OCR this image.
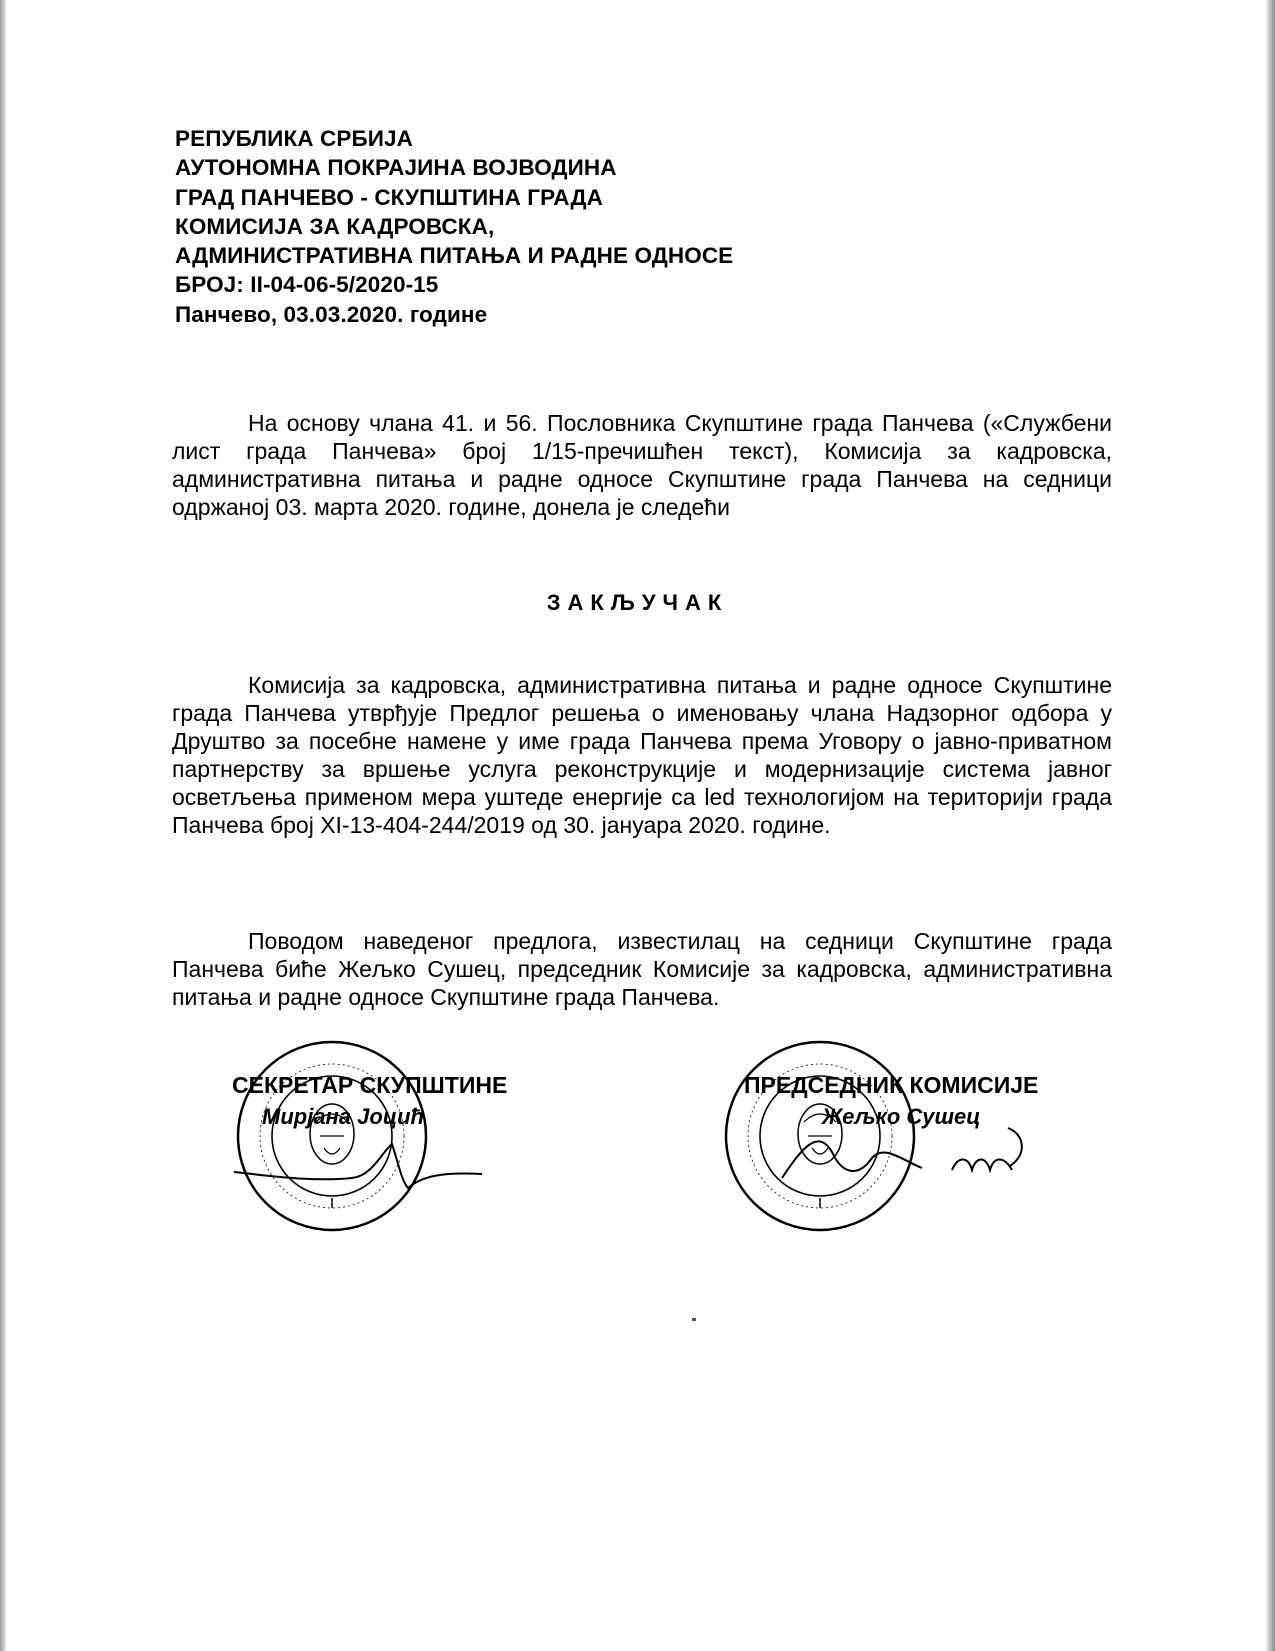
РЕПУБЛИКА СРБИЈА
АУТОНОМНА ПОКРАЈИНА ВОЈВОДИНА
ГРАД ПАНЧЕВО - СКУПШТИНА ГРАДА
КОМИСИЈА ЗА КАДРОВСКА,
АДМИНИСТРАТИВНА ПИТАЊА И РАДНЕ ОДНОСЕ
БРОЈ: II-04-06-5/2020-15
Панчево, 03.03.2020. године

На основу члана 41. и 56. Пословника Скупштине града Панчева («Службени лист града Панчева» број 1/15-пречишћен текст), Комисија за кадровска, административна питања и радне односе Скупштине града Панчева на седници одржаној 03. марта 2020. године, донела је следећи

ЗАКЉУЧАК

Комисија за кадровска, административна питања и радне односе Скупштине града Панчева утврђује Предлог решења о именовању члана Надзорног одбора у Друштво за посебне намене у име града Панчева према Уговору о јавно-приватном партнерству за вршење услуга реконструкције и модернизације система јавног осветљења применом мера уштеде енергије са led технологијом на територији града Панчева број XI-13-404-244/2019 од 30. јануара 2020. године.

Поводом наведеног предлога, известилац на седници Скупштине града Панчева биће Жељко Сушец, председник Комисије за кадровска, административна питања и радне односе Скупштине града Панчева.

СЕКРЕТАР СКУПШТИНЕ
Мирјана Јоцић
ПРЕДСЕДНИК КОМИСИЈЕ
Жељко Сушец
